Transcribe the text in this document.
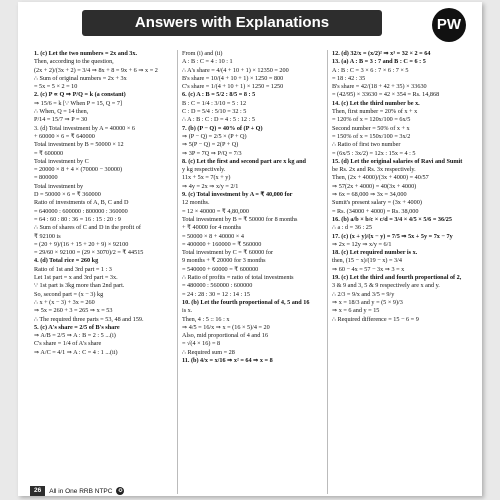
Answers with Explanations	PW

1. (c) Let the two numbers = 2x and 3x.

Then, according to the question,

(2x + 2)/(3x + 2) = 3/4 ⇒ 8x + 8 = 9x + 6 ⇒ x = 2

∴ Sum of original numbers = 2x + 3x

= 5x = 5 × 2 = 10

2. (c) P ∝ Q ⇒ P/Q = k (a constant)

⇒ 15/6 = k [∵ When P = 15, Q = 7]

∴ When, Q = 14 then,

P/14 = 15/7 ⇒ P = 30

3. (d) Total investment by A = 40000 × 6

+ 60000 × 6 = ₹ 640000

Total investment by B = 50000 × 12

= ₹ 600000

Total investment by C

= 20000 × 8 + 4 × (70000 − 30000)

= 800000

Total investment by

D = 50000 × 6 = ₹ 360000

Ratio of investments of A, B, C and D

= 640000 : 600000 : 800000 : 360000

= 64 : 60 : 80 : 36 = 16 : 15 : 20 : 9

∴ Sum of shares of C and D in the profit of

₹ 92100 is

= (20 + 9)/(16 + 15 + 20 + 9) × 92100

= 29/60 × 92100 = (29 × 3070)/2 = ₹ 44515

4. (d) Total rice = 260 kg

Ratio of 1st and 3rd part = 1 : 3

Let 1st part = x and 3rd part = 3x.

∵ 1st part is 3kg more than 2nd part.

So, second part = (x − 3) kg

∴ x + (x − 3) + 3x = 260

⇒ 5x = 260 + 3 = 265 ⇒ x = 53

∴ The required three parts = 53, 48 and 159.

5. (c) A's share = 2/5 of B's share

⇒ A/B = 2/5 ⇒ A : B = 2 : 5 ...(i)

C's share = 1/4 of A's share

⇒ A/C = 4/1 ⇒ A : C = 4 : 1 ...(ii)

From (i) and (ii)

A : B : C = 4 : 10 : 1

∴ A's share = 4/(4 + 10 + 1) × 12350 = 200

B's share = 10/(4 + 10 + 1) × 1250 = 800

C's share = 1/(4 + 10 + 1) × 1250 = 1250

6. (c) A : B = 5/2 : 8/5 = 8 : 5

B : C = 1/4 : 3/10 = 5 : 12

C : D = 5/4 : 5/10 = 32 : 5

∴ A : B : C : D = 4 : 5 : 12 : 5

7. (b) (P − Q) = 40% of (P + Q)

⇒ (P − Q) = 2/5 × (P + Q)

⇒ 5(P − Q) = 2(P + Q)

⇒ 3P = 7Q ⇒ P/Q = 7/3

8. (c) Let the first and second part are x kg and

y kg respectively.

11x + 5x = 7(x + y)

⇒ 4y = 2x ⇒ x/y = 2/1

9. (c) Total investment by A = ₹ 40,000 for

12 months.

= 12 × 40000 = ₹ 4,80,000

Total investment by B = ₹ 50000 for 8 months

+ ₹ 40000 for 4 months

= 50000 × 8 + 40000 × 4

= 400000 + 160000 = ₹ 560000

Total investment by C = ₹ 60000 for

9 months + ₹ 20000 for 3 months

= 540000 + 60000 = ₹ 600000

∴ Ratio of profits = ratio of total investments

= 480000 : 560000 : 600000

= 24 : 28 : 30 = 12 : 14 : 15

10. (b) Let the fourth proportional of 4, 5 and 16

is x.

Then, 4 : 5 :: 16 : x

⇒ 4/5 = 16/x ⇒ x = (16 × 5)/4 = 20

Also, mid proportional of 4 and 16

= √(4 × 16) = 8

∴ Required sum = 28

11. (b) 4/x = x/16 ⇒ x² = 64 ⇒ x = 8

12. (d) 32/x = (x/2)² ⇒ x³ = 32 × 2 = 64

13. (a) A : B = 3 : 7 and B : C = 6 : 5

A : B : C = 3 × 6 : 7 × 6 : 7 × 5

= 18 : 42 : 35

B's share = 42/(18 + 42 + 35) × 33630

= (42/95) × 33630 = 42 × 354 = Rs. 14,868

14. (c) Let the third number be x.

Then, first number = 20% of x + x

= 120% of x = 120x/100 = 6x/5

Second number = 50% of x + x

= 150% of x = 150x/100 = 3x/2

∴ Ratio of first two number

= (6x/5 : 3x/2) = 12x : 15x = 4 : 5

15. (d) Let the original salaries of Ravi and Sumit

be Rs. 2x and Rs. 3x respectively.

Then, (2x + 4000)/(3x + 4000) = 40/57

⇒ 57(2x + 4000) = 40(3x + 4000)

⇒ 6x = 68,000 ⇒ 3x = 34,000

Sumit's present salary = (3x + 4000)

= Rs. (34000 + 4000) = Rs. 38,000

16. (b) a/b × b/c × c/d = 3/4 × 4/5 × 5/6 = 36/25

∴ a : d = 36 : 25

17. (c) (x + y)/(x − y) = 7/5 ⇒ 5x + 5y = 7x − 7y

⇒ 2x = 12y ⇒ x/y = 6/1

18. (c) Let required number is x.

then, (15 − x)/(19 − x) = 3/4

⇒ 60 − 4x = 57 − 3x ⇒ 3 = x

19. (c) Let the third and fourth proportional of 2,

3 & 9 and 3, 5 & 9 respectively are x and y.

∴ 2/3 = 9/x and 3/5 = 9/y

⇒ x = 18/3 and y = (5 × 9)/3

⇒ x = 6 and y = 15

∴ Required difference = 15 − 6 = 9

26	All in One RRB NTPC	✪
